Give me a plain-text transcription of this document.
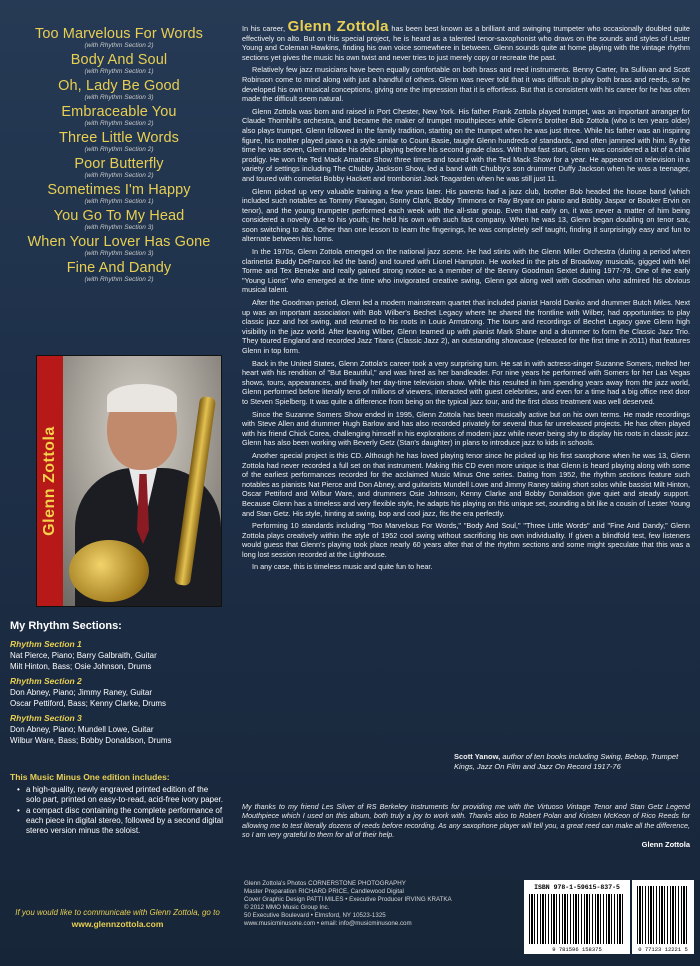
Too Marvelous For Words
(with Rhythm Section 2)
Body And Soul
(with Rhythm Section 1)
Oh, Lady Be Good
(with Rhythm Section 3)
Embraceable You
(with Rhythm Section 2)
Three Little Words
(with Rhythm Section 2)
Poor Butterfly
(with Rhythm Section 2)
Sometimes I'm Happy
(with Rhythm Section 1)
You Go To My Head
(with Rhythm Section 3)
When Your Lover Has Gone
(with Rhythm Section 3)
Fine And Dandy
(with Rhythm Section 2)
Glenn Zottola
My Rhythm Sections:
Rhythm Section 1
Nat Pierce, Piano; Barry Galbraith, Guitar
Milt Hinton, Bass; Osie Johnson, Drums
Rhythm Section 2
Don Abney, Piano; Jimmy Raney, Guitar
Oscar Pettiford, Bass; Kenny Clarke, Drums
Rhythm Section 3
Don Abney, Piano; Mundell Lowe, Guitar
Wilbur Ware, Bass; Bobby Donaldson, Drums
This Music Minus One edition includes:
• a high-quality, newly engraved printed edition of the solo part, printed on easy-to-read, acid-free ivory paper.
• a compact disc containing the complete performance of each piece in digital stereo, followed by a second digital stereo version minus the soloist.
If you would like to communicate with Glenn Zottola, go to
www.glennzottola.com

In his career, Glenn Zottola has been best known as a brilliant and swinging trumpeter who occasionally doubled quite effectively on alto. But on this special project, he is heard as a talented tenor-saxophonist who draws on the sounds and styles of Lester Young and Coleman Hawkins, finding his own voice somewhere in between. Glenn sounds quite at home playing with the vintage rhythm sections yet gives the music his own twist and never tries to just merely copy or recreate the past.

Relatively few jazz musicians have been equally comfortable on both brass and reed instruments. Benny Carter, Ira Sullivan and Scott Robinson come to mind along with just a handful of others. Glenn was never told that it was difficult to play both brass and reeds, so he developed his own musical conceptions, giving one the impression that it is effortless. But that is consistent with his career for he has often made the difficult seem natural.

Glenn Zottola was born and raised in Port Chester, New York. His father Frank Zottola played trumpet, was an important arranger for Claude Thornhill's orchestra, and became the maker of trumpet mouthpieces while Glenn's brother Bob Zottola (who is ten years older) also plays trumpet. Glenn followed in the family tradition, starting on the trumpet when he was just three. While his father was an inspiring figure, his mother played piano in a style similar to Count Basie, taught Glenn hundreds of standards, and often jammed with him. By the time he was seven, Glenn made his debut playing before his second grade class. With that fast start, Glenn was considered a bit of a child prodigy. He won the Ted Mack Amateur Show three times and toured with the Ted Mack Show for a year. He appeared on television in a variety of settings including The Chubby Jackson Show, led a band with Chubby's son drummer Duffy Jackson when he was a teenager, and toured with cornetist Bobby Hackett and trombonist Jack Teagarden when he was still just 11.

Glenn picked up very valuable training a few years later. His parents had a jazz club, brother Bob headed the house band (which included such notables as Tommy Flanagan, Sonny Clark, Bobby Timmons or Ray Bryant on piano and Bobby Jaspar or Booker Ervin on tenor), and the young trumpeter performed each week with the all-star group. Even that early on, it was never a matter of him being considered a novelty due to his youth; he held his own with such fast company. When he was 13, Glenn began doubling on tenor sax, soon switching to alto. Other than one lesson to learn the fingerings, he was completely self taught, finding it surprisingly easy and fun to alternate between his horns.

In the 1970s, Glenn Zottola emerged on the national jazz scene. He had stints with the Glenn Miller Orchestra (during a period when clarinetist Buddy DeFranco led the band) and toured with Lionel Hampton. He worked in the pits of Broadway musicals, gigged with Mel Torme and Tex Beneke and really gained strong notice as a member of the Benny Goodman Sextet during 1977-79. One of the early "Young Lions" who emerged at the time who invigorated creative swing, Glenn got along well with Goodman who admired his obvious musical talent.

After the Goodman period, Glenn led a modern mainstream quartet that included pianist Harold Danko and drummer Butch Miles. Next up was an important association with Bob Wilber's Bechet Legacy where he shared the frontline with Wilber, had opportunities to play classic jazz and hot swing, and returned to his roots in Louis Armstrong. The tours and recordings of Bechet Legacy gave Glenn high visibility in the jazz world. After leaving Wilber, Glenn teamed up with pianist Mark Shane and a drummer to form the Classic Jazz Trio. They toured England and recorded Jazz Titans (Classic Jazz 2), an outstanding showcase (released for the first time in 2011) that features Glenn in top form.

Back in the United States, Glenn Zottola's career took a very surprising turn. He sat in with actress-singer Suzanne Somers, melted her heart with his rendition of "But Beautiful," and was hired as her bandleader. For nine years he performed with Somers for her Las Vegas shows, tours, appearances, and finally her day-time television show. While this resulted in him spending years away from the jazz world, Glenn performed before literally tens of millions of viewers, interacted with guest celebrities, and even for a time had a big office next door to Steven Spielberg. It was quite a difference from being on the typical jazz tour, and the first class treatment was well deserved.

Since the Suzanne Somers Show ended in 1995, Glenn Zottola has been musically active but on his own terms. He made recordings with Steve Allen and drummer Hugh Barlow and has also recorded privately for several thus far unreleased projects. He has often played with his friend Chick Corea, challenging himself in his explorations of modern jazz while never being shy to display his roots in classic jazz. Glenn has also been working with Beverly Getz (Stan's daughter) in plans to introduce jazz to kids in schools.

Another special project is this CD. Although he has loved playing tenor since he picked up his first saxophone when he was 13, Glenn Zottola had never recorded a full set on that instrument. Making this CD even more unique is that Glenn is heard playing along with some of the earliest performances recorded for the acclaimed Music Minus One series. Dating from 1952, the rhythm sections feature such notables as pianists Nat Pierce and Don Abney, and guitarists Mundell Lowe and Jimmy Raney taking short solos while bassist Milt Hinton, Oscar Pettiford and Wilbur Ware, and drummers Osie Johnson, Kenny Clarke and Bobby Donaldson give quiet and steady support. Because Glenn has a timeless and very flexible style, he adapts his playing on this unique set, sounding a bit like a cousin of Lester Young and Stan Getz. His style, hinting at swing, bop and cool jazz, fits the era perfectly.

Performing 10 standards including "Too Marvelous For Words," "Body And Soul," "Three Little Words" and "Fine And Dandy," Glenn Zottola plays creatively within the style of 1952 cool swing without sacrificing his own individuality. If given a blindfold test, few listeners would guess that Glenn's playing took place nearly 60 years after that of the rhythm sections and some might speculate that this was a long lost session recorded at the Lighthouse.

In any case, this is timeless music and quite fun to hear.

Scott Yanow, author of ten books including Swing, Bebop, Trumpet Kings, Jazz On Film and Jazz On Record 1917-76
My thanks to my friend Les Silver of RS Berkeley Instruments for providing me with the Virtuoso Vintage Tenor and Stan Getz Legend Mouthpiece which I used on this album, both truly a joy to work with. Thanks also to Robert Polan and Kristen McKeon of Rico Reeds for allowing me to test literally dozens of reeds before recording. As any saxophone player will tell you, a great reed can make all the difference, so I am very grateful to them for all of their help.
Glenn Zottola
Glenn Zottola's Photos CORNERSTONE PHOTOGRAPHY
Master Preparation RICHARD PRICE, Candlewood Digital
Cover Graphic Design PATTI MILES • Executive Producer IRVING KRATKA
© 2012 MMO Music Group Inc.
50 Executive Boulevard • Elmsford, NY 10523-1325
www.musicminusone.com • email: info@musicminusone.com
ISBN 978-1-59615-837-5
9 781596 158375	0 77123 12221 5
